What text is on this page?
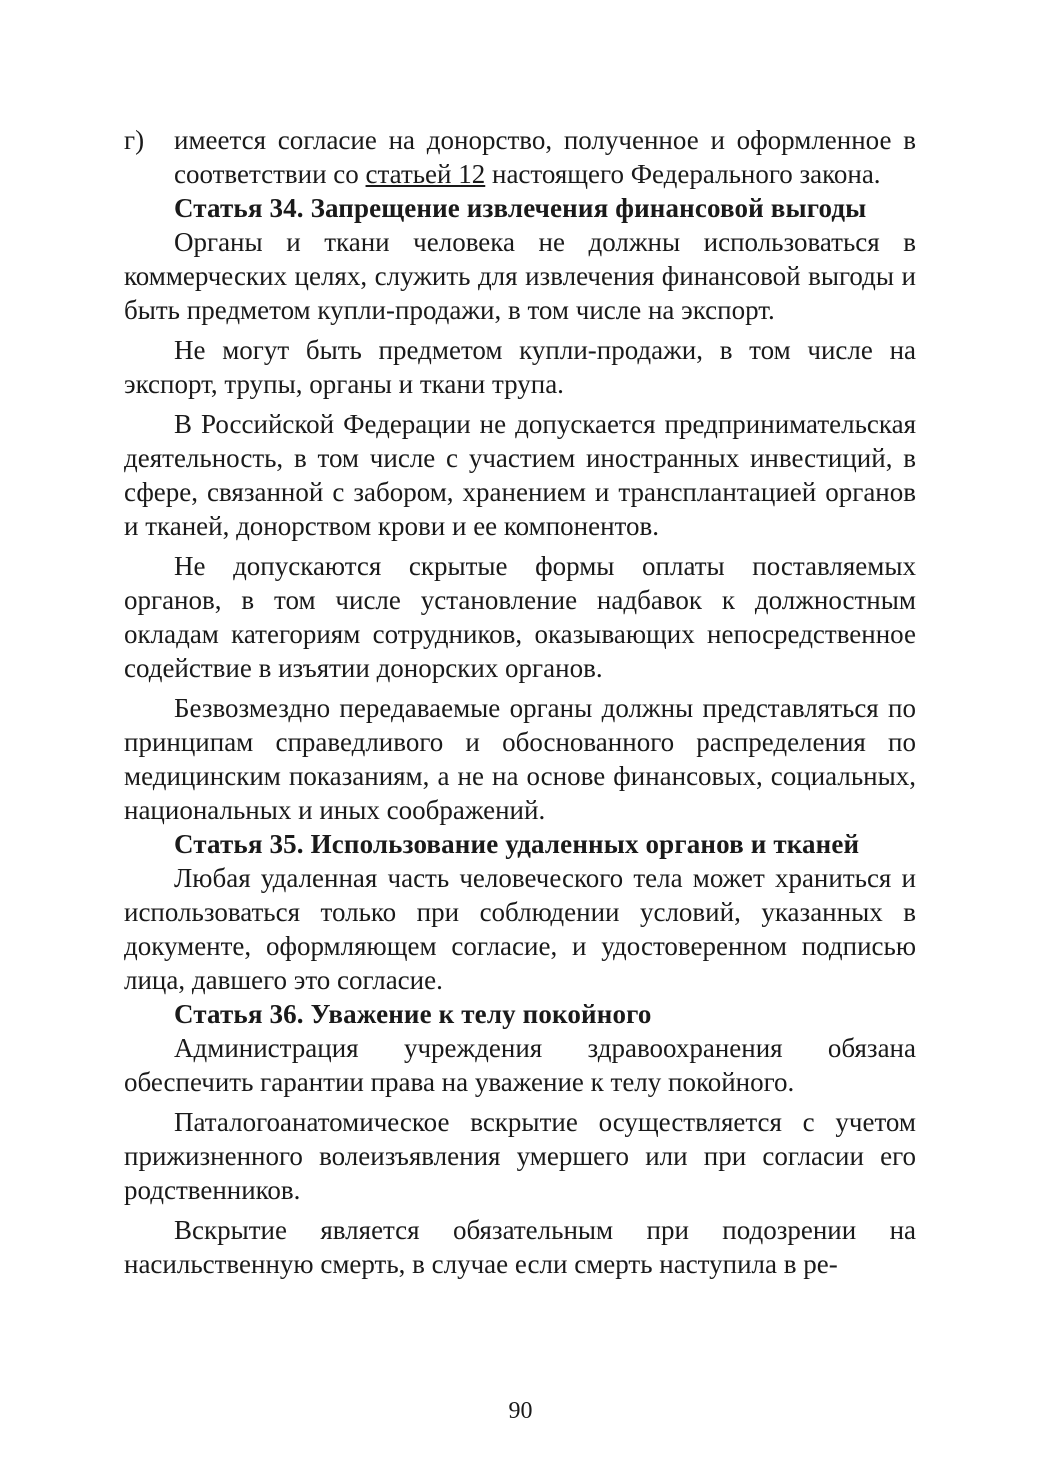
г) имеется согласие на донорство, полученное и оформленное в соответствии со статьей 12 настоящего Федерального закона.

Статья 34. Запрещение извлечения финансовой выгоды

Органы и ткани человека не должны использоваться в коммерческих целях, служить для извлечения финансовой выгоды и быть предметом купли-продажи, в том числе на экспорт.

Не могут быть предметом купли-продажи, в том числе на экспорт, трупы, органы и ткани трупа.

В Российской Федерации не допускается предпринимательская деятельность, в том числе с участием иностранных инвестиций, в сфере, связанной с забором, хранением и трансплантацией органов и тканей, донорством крови и ее компонентов.

Не допускаются скрытые формы оплаты поставляемых органов, в том числе установление надбавок к должностным окладам категориям сотрудников, оказывающих непосредственное содействие в изъятии донорских органов.

Безвозмездно передаваемые органы должны представляться по принципам справедливого и обоснованного распределения по медицинским показаниям, а не на основе финансовых, социальных, национальных и иных соображений.

Статья 35. Использование удаленных органов и тканей

Любая удаленная часть человеческого тела может храниться и использоваться только при соблюдении условий, указанных в документе, оформляющем согласие, и удостоверенном подписью лица, давшего это согласие.

Статья 36. Уважение к телу покойного

Администрация учреждения здравоохранения обязана обеспечить гарантии права на уважение к телу покойного.

Паталогоанатомическое вскрытие осуществляется с учетом прижизненного волеизъявления умершего или при согласии его родственников.

Вскрытие является обязательным при подозрении на насильственную смерть, в случае если смерть наступила в ре-

90
